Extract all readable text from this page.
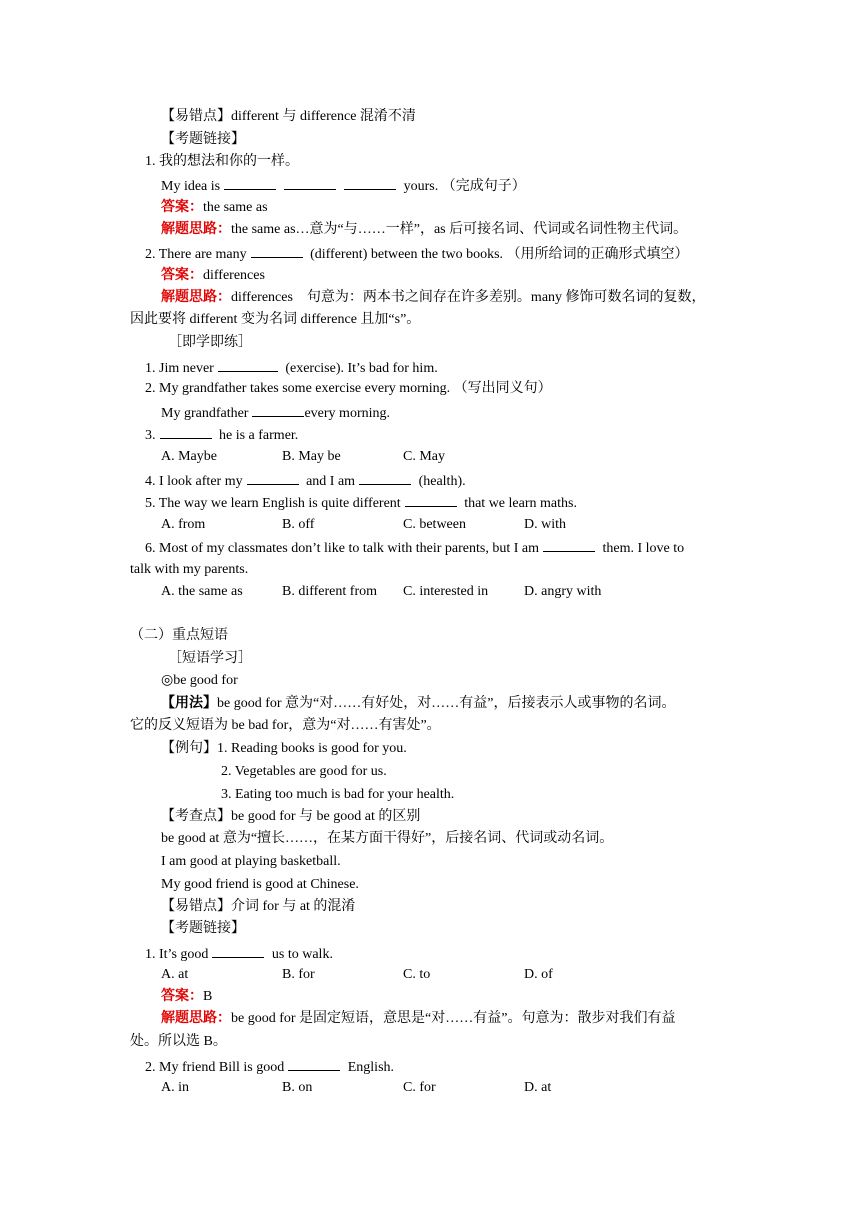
【易错点】different 与 difference 混淆不清
【考题链接】
1. 我的想法和你的一样。
My idea is	yours. （完成句子）
答案：the same as
解题思路：the same as…意为“与……一样”，as 后可接名词、代词或名词性物主代词。
2. There are many	(different) between the two books. （用所给词的正确形式填空）
答案：differences
解题思路：differences　句意为：两本书之间存在许多差别。many 修饰可数名词的复数，
因此要将 different 变为名词 difference 且加“s”。
［即学即练］
1. Jim never	(exercise). It’s bad for him.
2. My grandfather takes some exercise every morning. （写出同义句）
My grandfather	every morning.
3.	he is a farmer.
A. Maybe	B. May be	C. May
4. I look after my	and I am	(health).
5. The way we learn English is quite different	that we learn maths.
A. from	B. off	C. between	D. with
6. Most of my classmates don’t like to talk with their parents, but I am	them. I love to
talk with my parents.
A. the same as	B. different from C. interested in	D. angry with
（二）重点短语
［短语学习］
◎be good for
【用法】be good for 意为“对……有好处，对……有益”，后接表示人或事物的名词。
它的反义短语为 be bad for，意为“对……有害处”。
【例句】1. Reading books is good for you.
2. Vegetables are good for us.
3. Eating too much is bad for your health.
【考查点】be good for 与 be good at 的区别
be good at 意为“擅长……，在某方面干得好”，后接名词、代词或动名词。
I am good at playing basketball.
My good friend is good at Chinese.
【易错点】介词 for 与 at 的混淆
【考题链接】
1. It’s good	us to walk.
A. at	B. for	C. to	D. of
答案：B
解题思路：be good for 是固定短语，意思是“对……有益”。句意为：散步对我们有益
处。所以选 B。
2. My friend Bill is good	English.
A. in	B. on	C. for	D. at
